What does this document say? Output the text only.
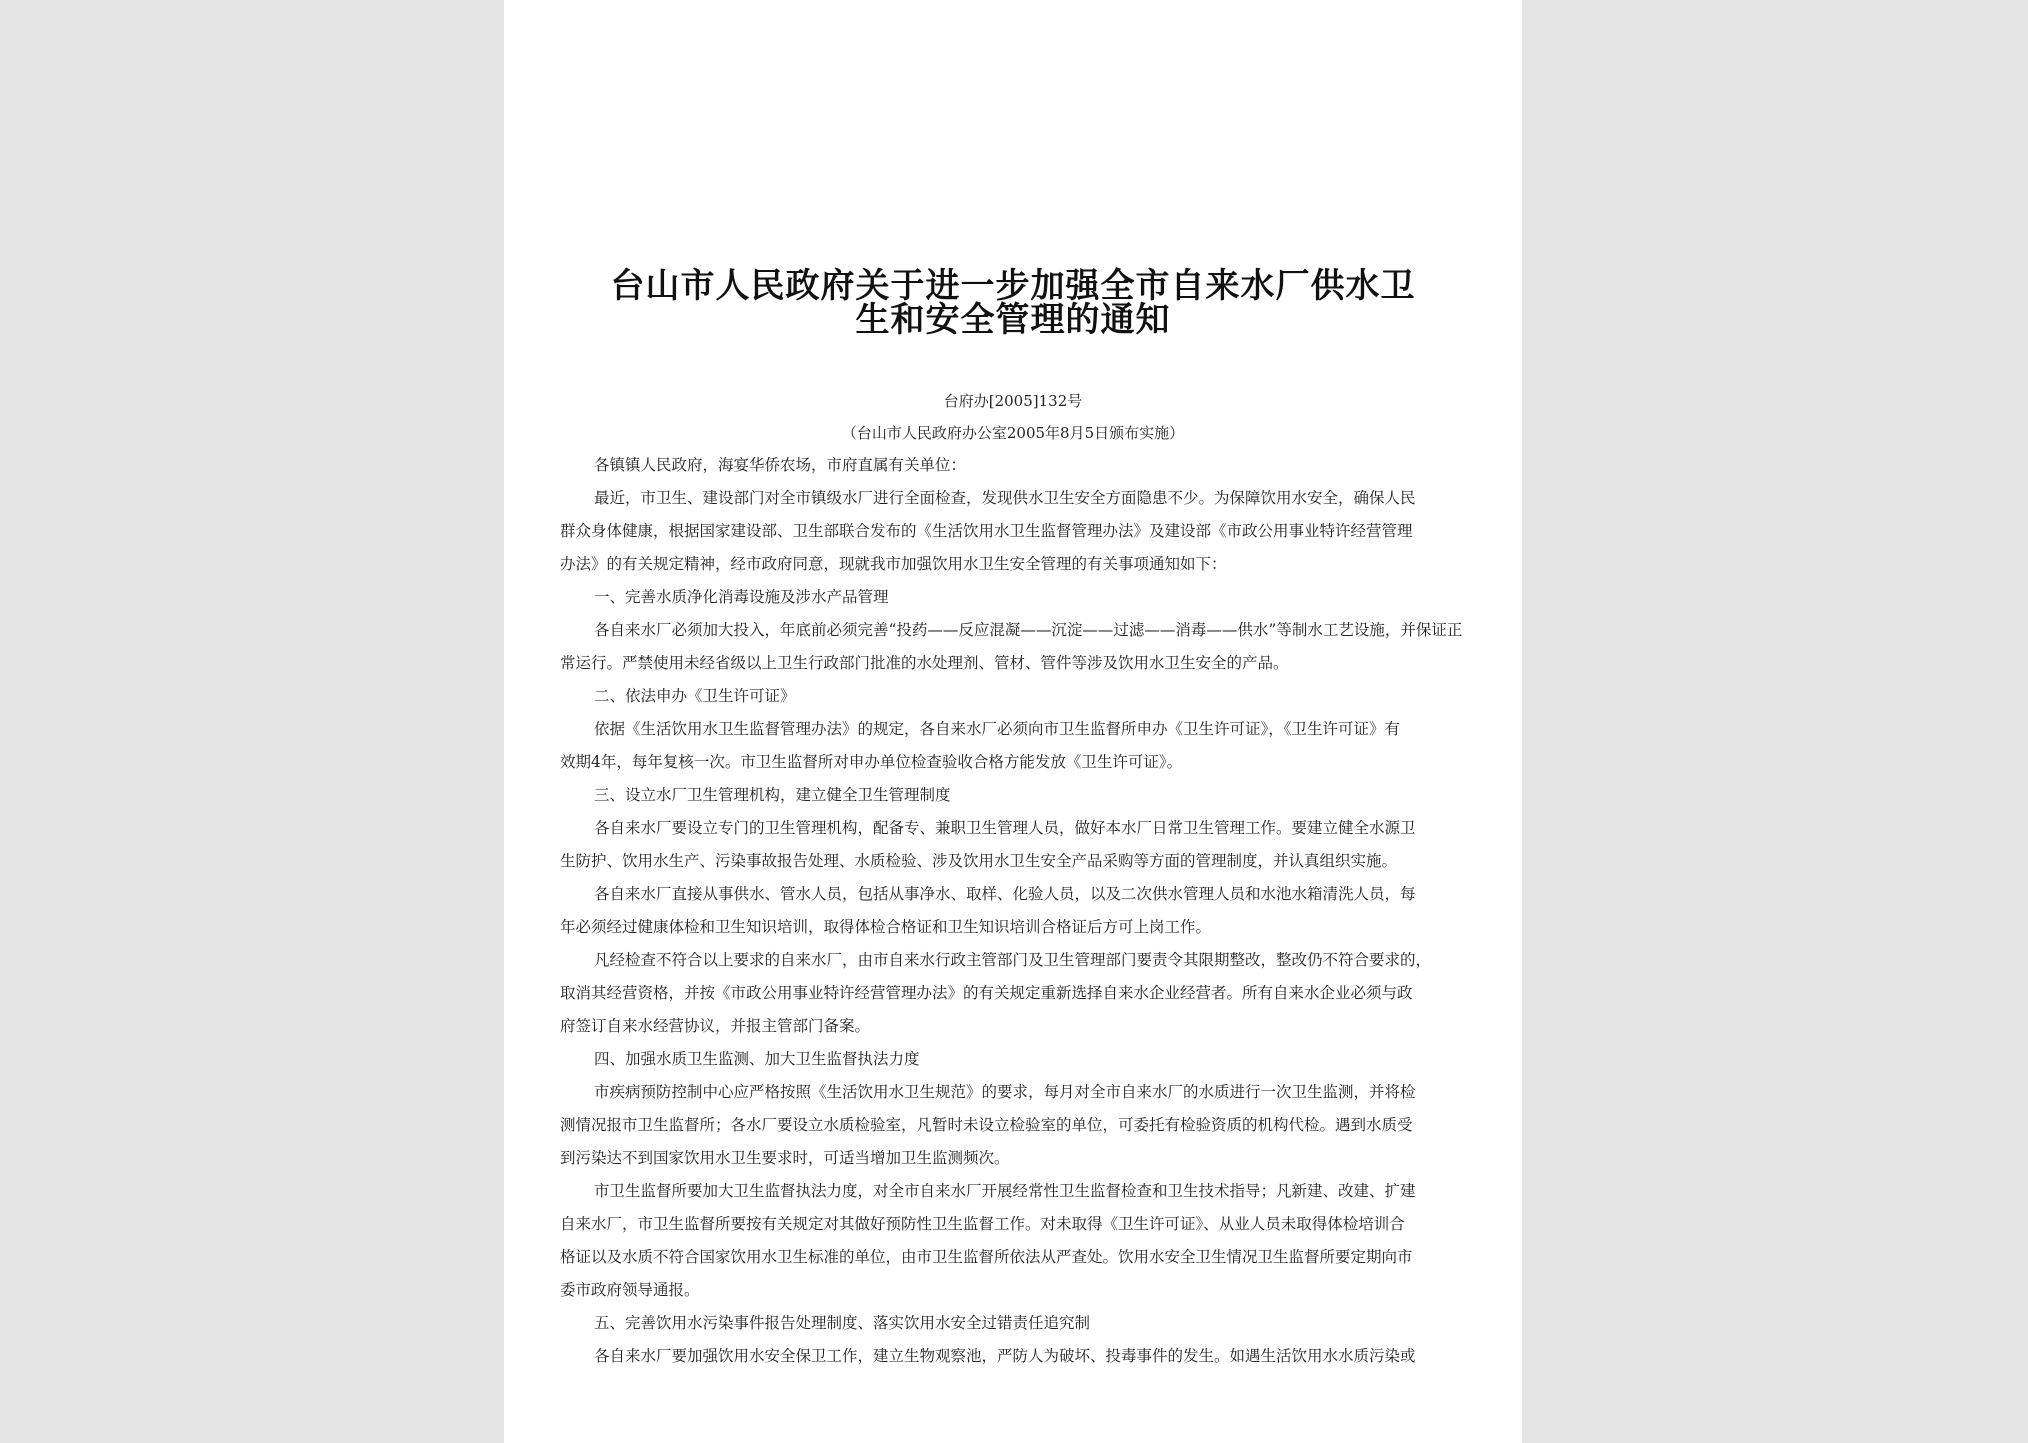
台山市人民政府关于进一步加强全市自来水厂供水卫
生和安全管理的通知
台府办[2005]132号
（台山市人民政府办公室2005年8月5日颁布实施）
各镇镇人民政府，海宴华侨农场，市府直属有关单位：
最近，市卫生、建设部门对全市镇级水厂进行全面检查，发现供水卫生安全方面隐患不少。为保障饮用水安全，确保人民
群众身体健康，根据国家建设部、卫生部联合发布的《生活饮用水卫生监督管理办法》及建设部《市政公用事业特许经营管理
办法》的有关规定精神，经市政府同意，现就我市加强饮用水卫生安全管理的有关事项通知如下：
一、完善水质净化消毒设施及涉水产品管理
各自来水厂必须加大投入，年底前必须完善“投药——反应混凝——沉淀——过滤——消毒——供水”等制水工艺设施，并保证正
常运行。严禁使用未经省级以上卫生行政部门批准的水处理剂、管材、管件等涉及饮用水卫生安全的产品。
二、依法申办《卫生许可证》
依据《生活饮用水卫生监督管理办法》的规定，各自来水厂必须向市卫生监督所申办《卫生许可证》，《卫生许可证》有
效期4年，每年复核一次。市卫生监督所对申办单位检查验收合格方能发放《卫生许可证》。
三、设立水厂卫生管理机构，建立健全卫生管理制度
各自来水厂要设立专门的卫生管理机构，配备专、兼职卫生管理人员，做好本水厂日常卫生管理工作。要建立健全水源卫
生防护、饮用水生产、污染事故报告处理、水质检验、涉及饮用水卫生安全产品采购等方面的管理制度，并认真组织实施。
各自来水厂直接从事供水、管水人员，包括从事净水、取样、化验人员，以及二次供水管理人员和水池水箱清洗人员，每
年必须经过健康体检和卫生知识培训，取得体检合格证和卫生知识培训合格证后方可上岗工作。
凡经检查不符合以上要求的自来水厂，由市自来水行政主管部门及卫生管理部门要责令其限期整改，整改仍不符合要求的，
取消其经营资格，并按《市政公用事业特许经营管理办法》的有关规定重新选择自来水企业经营者。所有自来水企业必须与政
府签订自来水经营协议，并报主管部门备案。
四、加强水质卫生监测、加大卫生监督执法力度
市疾病预防控制中心应严格按照《生活饮用水卫生规范》的要求，每月对全市自来水厂的水质进行一次卫生监测，并将检
测情况报市卫生监督所；各水厂要设立水质检验室，凡暂时未设立检验室的单位，可委托有检验资质的机构代检。遇到水质受
到污染达不到国家饮用水卫生要求时，可适当增加卫生监测频次。
市卫生监督所要加大卫生监督执法力度，对全市自来水厂开展经常性卫生监督检查和卫生技术指导；凡新建、改建、扩建
自来水厂，市卫生监督所要按有关规定对其做好预防性卫生监督工作。对未取得《卫生许可证》、从业人员未取得体检培训合
格证以及水质不符合国家饮用水卫生标准的单位，由市卫生监督所依法从严查处。饮用水安全卫生情况卫生监督所要定期向市
委市政府领导通报。
五、完善饮用水污染事件报告处理制度、落实饮用水安全过错责任追究制
各自来水厂要加强饮用水安全保卫工作，建立生物观察池，严防人为破坏、投毒事件的发生。如遇生活饮用水水质污染或
